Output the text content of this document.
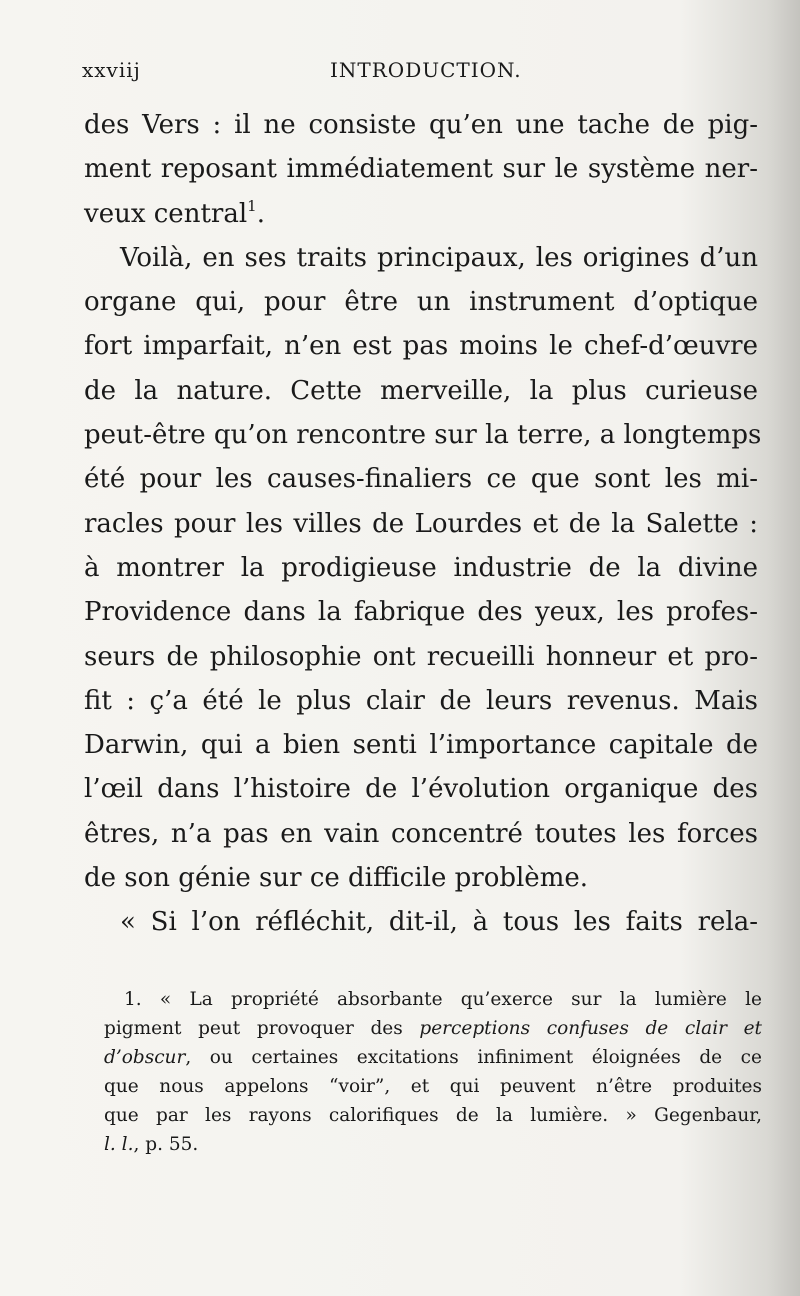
xxviij	INTRODUCTION.
des Vers : il ne consiste qu’en une tache de pig-
ment reposant immédiatement sur le système ner-
veux central$^1$.
Voilà, en ses traits principaux, les origines d’un
organe qui, pour être un instrument d’optique
fort imparfait, n’en est pas moins le chef-d’œuvre
de la nature. Cette merveille, la plus curieuse
peut-être qu’on rencontre sur la terre, a longtemps
été pour les causes-finaliers ce que sont les mi-
racles pour les villes de Lourdes et de la Salette :
à montrer la prodigieuse industrie de la divine
Providence dans la fabrique des yeux, les profes-
seurs de philosophie ont recueilli honneur et pro-
fit : ç’a été le plus clair de leurs revenus. Mais
Darwin, qui a bien senti l’importance capitale de
l’œil dans l’histoire de l’évolution organique des
êtres, n’a pas en vain concentré toutes les forces
de son génie sur ce difficile problème.
« Si l’on réfléchit, dit-il, à tous les faits rela-
1. « La propriété absorbante qu’exerce sur la lumière le
pigment peut provoquer des perceptions confuses de clair et
d’obscur, ou certaines excitations infiniment éloignées de ce
que nous appelons “voir”, et qui peuvent n’être produites
que par les rayons calorifiques de la lumière. » Gegenbaur,
l. l., p. 55.
